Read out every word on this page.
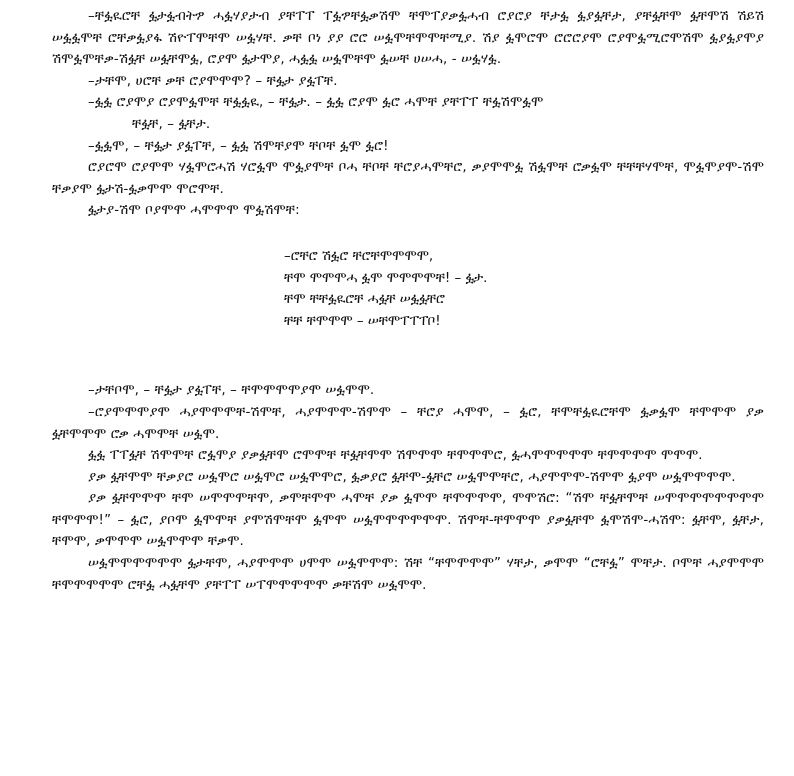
–ቸፏዪሮቸ ፏታፏብትፇ ሓፏሃያታብ ያቸፐፐ ፐፏፇቸፏቃሽሞ ቸሞፐያቃፏሓብ ሮያሮያ ቸታፏ ፏያፏቸታ, ያቸፏቸሞ ፏቸሞሽ ሽይሽ ሠፏፏሞቸ ሮቸቃፏያፋ ሽዮፐሞቸሞ ሠፏሃቸ. ቃቸ ቦነ ያያ ሮሮ ሠፏሞቸሞሞቸሚያ. ሽያ ፏሞሮሞ ሮሮሮያሞ ሮያሞፏሚሮሞሽሞ ፏያፏያሞያ ሽሞፏሞቸቃ-ሽፏቸ ሠፏቸሞፏ, ሮያሞ ፏታሞያ, ሓፏፏ ሠፏሞቸሞ ፏሠቸ ሀሠሓ, - ሠፏሃፏ.

–ታቸሞ, ሀሮቸ ቃቸ ሮያሞሞሞ? – ቸፏታ ያፏፐቸ.

–ፏፏ ሮያሞያ ሮያሞፏሞቸ ቸፏፏዪ, – ቸፏታ. – ፏፏ ሮያሞ ፏሮ ሓሞቸ ያቸፐፐ ቸፏሽሞፏሞ

ቸፏቸ, – ፏቸታ.

–ፏፏሞ, – ቸፏታ ያፏፐቸ, – ፏፏ ሽሞቸያሞ ቸቦቸ ፏሞ ፏሮ!

ሮያሮሞ ሮያሞሞ ሃፏሞሮሓሽ ሃሮፏሞ ሞፏያሞቸ ቦሓ ቸቦቸ ቸሮያሓሞቸሮ, ቃያሞሞፏ ሽፏሞቸ ሮቃፏሞ ቸቸቸሃሞቸ, ሞፏሞያሞ-ሽሞ ቸቃያሞ ፏታሽ-ፏቃሞሞ ሞሮሞቸ.

ፏታያ-ሽሞ ቦያሞሞ ሓሞሞሞ ሞፏሽሞቸ:

–ሮቸሮ ሽፏሮ ቸሮቸሞሞሞሞ,
ቸሞ ሞሞሞሓ ፏሞ ሞሞሞሞቸ! – ፏታ.
ቸሞ ቸቸፏዪሮቸ ሓፏቸ ሠፏፏቸሮ
ቸቸ ቸሞሞሞ – ሠቸሞፐፐፐቦ!

–ታቸቦሞ, – ቸፏታ ያፏፐቸ, – ቸሞሞሞሞያሞ ሠፏሞሞ.

–ሮያሞሞሞያሞ ሓያሞሞሞቸ-ሽሞቸ, ሓያሞሞሞ-ሽሞሞ – ቸሮያ ሓሞሞ, – ፏሮ, ቸሞቸፏዪሮቸሞ ፏቃፏሞ ቸሞሞሞ ያቃ ፏቸሞሞሞ ሮቃ ሓሞሞቸ ሠፏሞ.

ፏፏ ፐፐፏቸ ሽሞሞቸ ሮፏሞያ ያቃፏቸሞ ሮሞሞቸ ቸፏቸሞሞ ሽሞሞሞ ቸሞሞሞሮ, ፏሓሞሞሞሞሞ ቸሞሞሞሞ ሞሞሞ.

ያቃ ፏቸሞሞ ቸቃያሮ ሠፏሞሮ ሠፏሞሮ ሠፏሞሞሮ, ፏቃያሮ ፏቸሞ-ፏቸሮ ሠፏሞሞቸሮ, ሓያሞሞሞ-ሽሞሞ ፏያሞ ሠፏሞሞሞሞ.

ያቃ ፏቸሞሞሞ ቸሞ ሠሞሞሞቸሞ, ቃሞቸሞሞ ሓሞቸ ያቃ ፏሞሞ ቸሞሞሞሞ, ሞሞሽሮ: “ሽሞ ቸፏቸሞቸ ሠሞሞሞሞሞሞሞሞ ቸሞሞሞ!” – ፏሮ, ያቦሞ ፏሞሞቸ ያሞሽሞቸሞ ፏሞሞ ሠፏሞሞሞሞሞሞ. ሽሞቸ-ቸሞሞሞ ያቃፏቸሞ ፏሞሽሞ-ሓሽሞ: ፏቸሞ, ፏቸታ, ቸሞሞ, ቃሞሞሞ ሠፏሞሞሞ ቸቃሞ.

ሠፏሞሞሞሞሞሞ ፏታቸሞ, ሓያሞሞሞ ሀሞሞ ሠፏሞሞሞ: ሽቸ “ቸሞሞሞሞ” ሃቸታ, ቃሞሞ “ሮቸፏ” ሞቸታ. ቦሞቸ ሓያሞሞሞ ቸሞሞሞሞሞ ሮቸፏ ሓፏቸሞ ያቸፐፐ ሠፐሞሞሞሞሞ ቃቸሽሞ ሠፏሞሞ.
